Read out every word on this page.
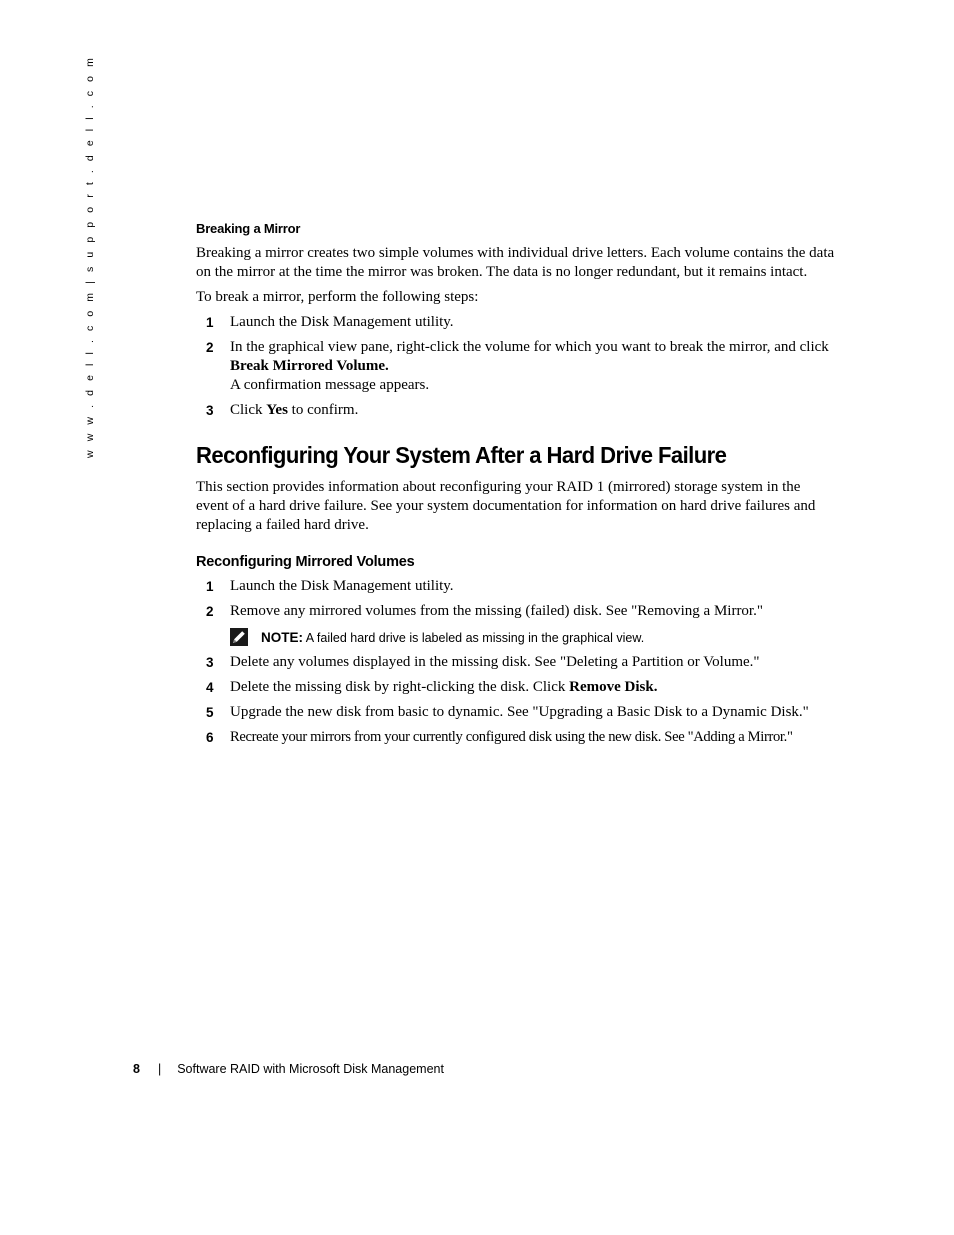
w w w . d e l l . c o m | s u p p o r t . d e l l . c o m	Breaking a Mirror

Breaking a mirror creates two simple volumes with individual drive letters. Each volume contains the data on the mirror at the time the mirror was broken. The data is no longer redundant, but it remains intact.

To break a mirror, perform the following steps:

1 Launch the Disk Management utility.

2 In the graphical view pane, right-click the volume for which you want to break the mirror, and click Break Mirrored Volume.

A confirmation message appears.

3 Click Yes to confirm.

Reconfiguring Your System After a Hard Drive Failure

This section provides information about reconfiguring your RAID 1 (mirrored) storage system in the event of a hard drive failure. See your system documentation for information on hard drive failures and replacing a failed hard drive.

Reconfiguring Mirrored Volumes
1 Launch the Disk Management utility.

2 Remove any mirrored volumes from the missing (failed) disk. See "Removing a Mirror."

NOTE: A failed hard drive is labeled as missing in the graphical view.
3 Delete any volumes displayed in the missing disk. See "Deleting a Partition or Volume."

4 Delete the missing disk by right-clicking the disk. Click Remove Disk.

5 Upgrade the new disk from basic to dynamic. See "Upgrading a Basic Disk to a Dynamic Disk."

6 Recreate your mirrors from your currently configured disk using the new disk. See "Adding a Mirror."

8 | Software RAID with Microsoft Disk Management
